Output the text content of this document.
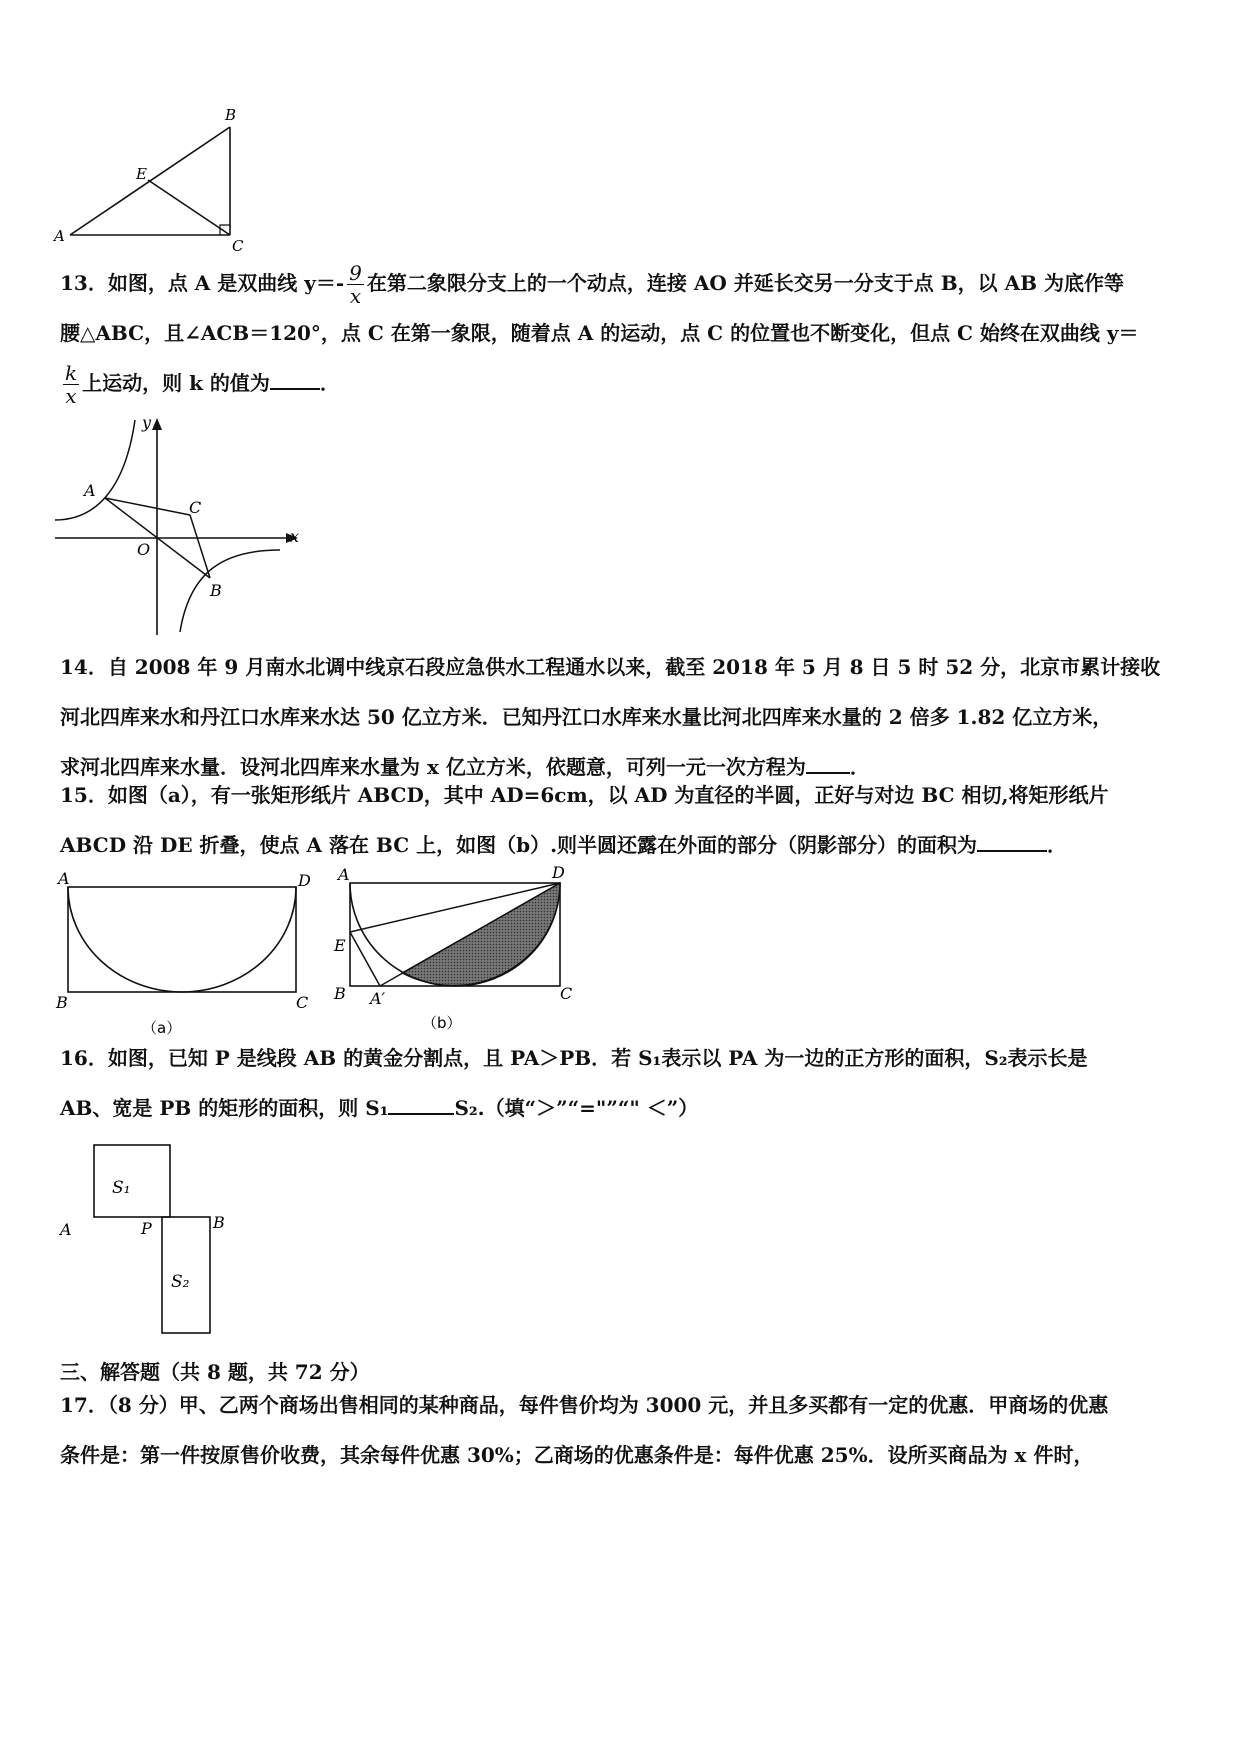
A
B
C
E
13．如图，点 A 是双曲线 $y=- \frac{9}{x}$ 在第二象限分支上的一个动点，连接 AO 并延长交另一分支于点 B，以 AB 为底作等
腰△ABC，且∠ACB＝120°，点 C 在第一象限，随着点 A 的运动，点 C 的位置也不断变化，但点 C 始终在双曲线 y＝
$\frac{k}{x}$ 上运动，则 k 的值为	．
y
x
A
C
O
B
14．自 2008 年 9 月南水北调中线京石段应急供水工程通水以来，截至 2018 年 5 月 8 日 5 时 52 分，北京市累计接收
河北四库来水和丹江口水库来水达 50 亿立方米．已知丹江口水库来水量比河北四库来水量的 2 倍多 1.82 亿立方米，
求河北四库来水量．设河北四库来水量为 x 亿立方米，依题意，可列一元一次方程为 ．
15．如图（a），有一张矩形纸片 ABCD，其中 AD=6cm，以 AD 为直径的半圆，正好与对边 BC 相切,将矩形纸片
ABCD 沿 DE 折叠，使点 A 落在 BC 上，如图（b）.则半圆还露在外面的部分（阴影部分）的面积为	．
A	D
B	C
（a）
A	D
E
B A′	C
（b）
16．如图，已知 P 是线段 AB 的黄金分割点，且 PA＞PB．若 S₁表示以 PA 为一边的正方形的面积，S₂表示长是
AB、宽是 PB 的矩形的面积，则 S₁	S₂.（填“＞”“="”“" ＜”）
S₁
S₂
A	P	B
三、解答题（共 8 题，共 72 分）
17．（8 分）甲、乙两个商场出售相同的某种商品，每件售价均为 3000 元，并且多买都有一定的优惠．甲商场的优惠
条件是：第一件按原售价收费，其余每件优惠 30%；乙商场的优惠条件是：每件优惠 25%．设所买商品为 x 件时，
